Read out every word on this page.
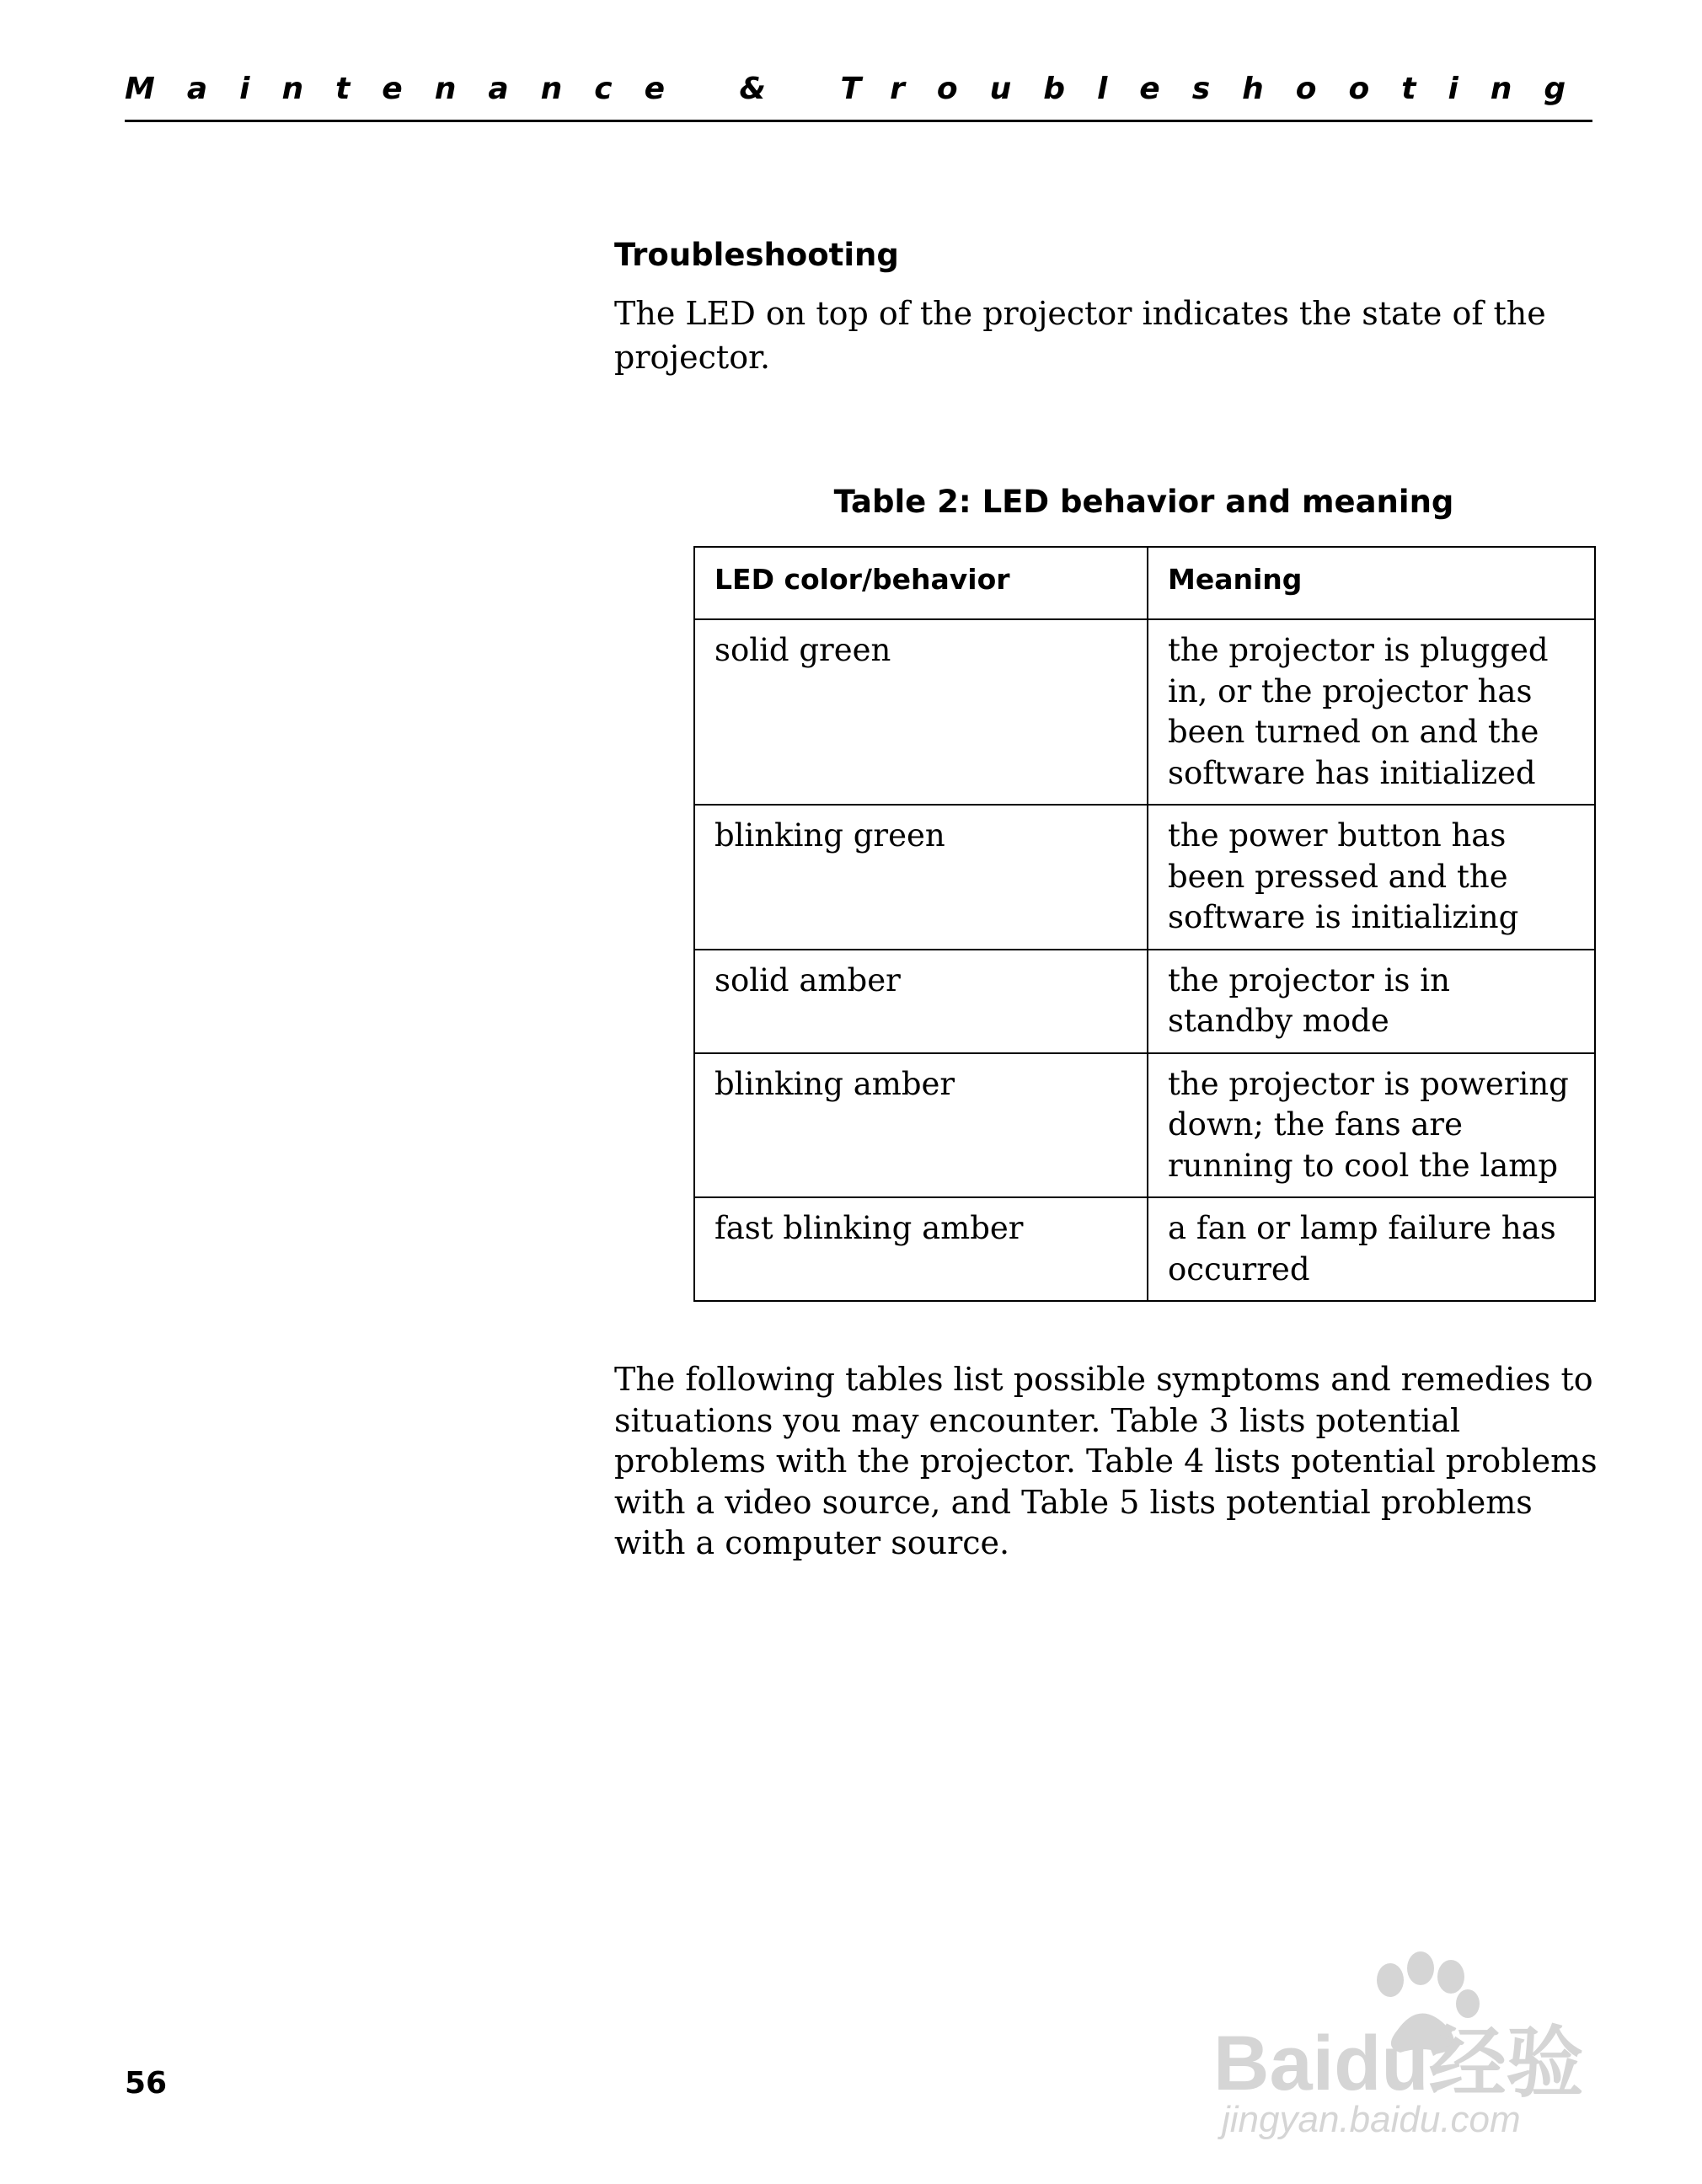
Maintenance & Troubleshooting
Troubleshooting

The LED on top of the projector indicates the state of the projector.

Table 2: LED behavior and meaning

LED color/behavior	Meaning
solid green	the projector is plugged in, or the projector has been turned on and the software has initialized
blinking green	the power button has been pressed and the software is initializing
solid amber	the projector is in standby mode
blinking amber	the projector is powering down; the fans are running to cool the lamp
fast blinking amber	a fan or lamp failure has occurred

The following tables list possible symptoms and remedies to situations you may encounter. Table 3 lists potential problems with the projector. Table 4 lists potential problems with a video source, and Table 5 lists potential problems with a computer source.

56	Baidu经验
jingyan.baidu.com
